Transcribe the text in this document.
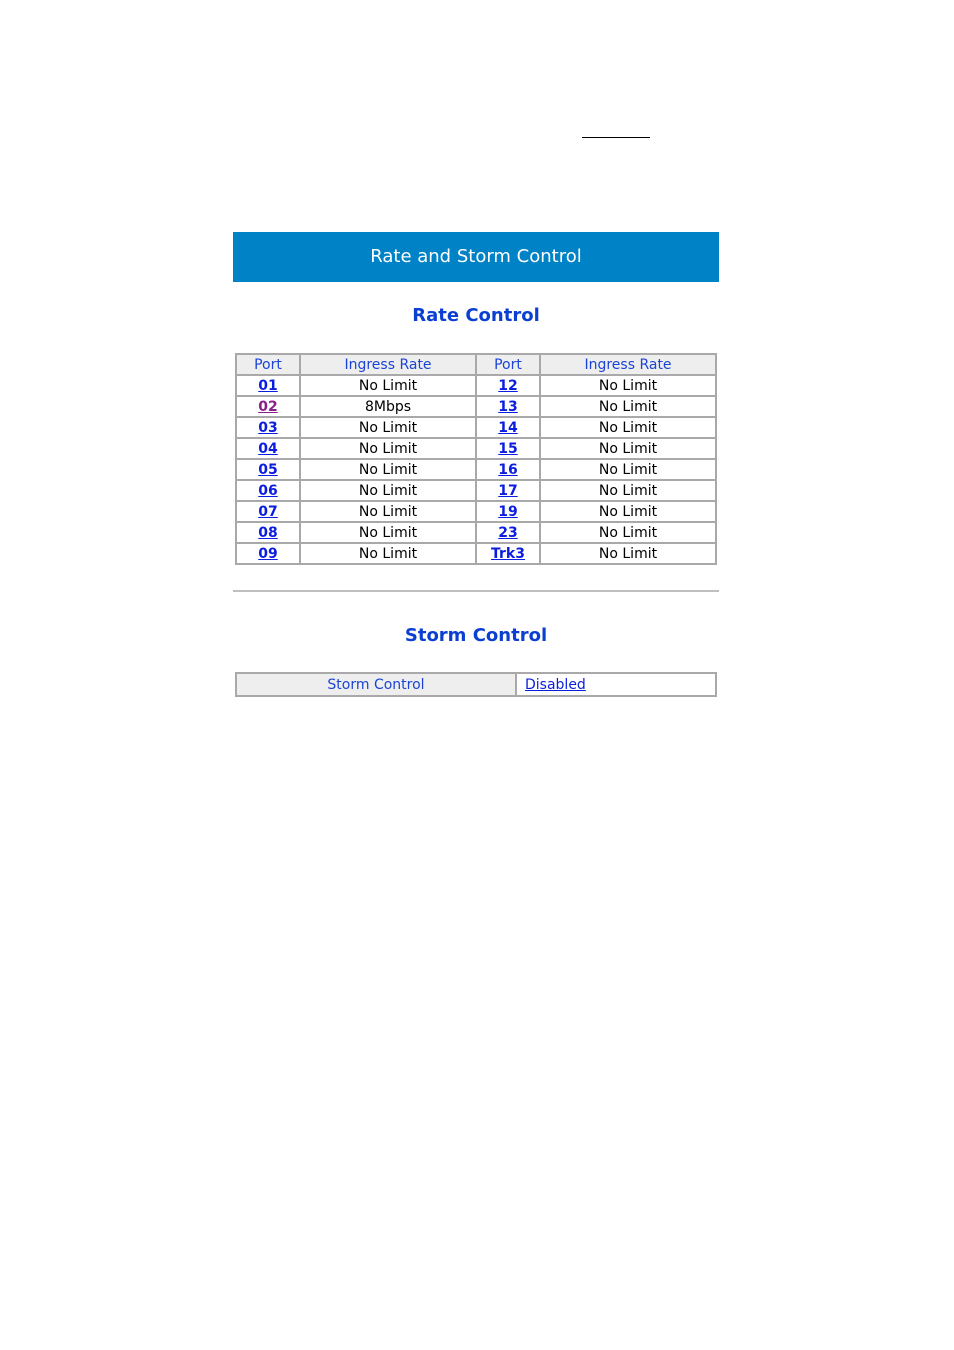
Rate and Storm Control
Rate Control
Port	Ingress Rate	Port	Ingress Rate
01	No Limit	12	No Limit
02	8Mbps	13	No Limit
03	No Limit	14	No Limit
04	No Limit	15	No Limit
05	No Limit	16	No Limit
06	No Limit	17	No Limit
07	No Limit	19	No Limit
08	No Limit	23	No Limit
09	No Limit	Trk3	No Limit
Storm Control
Storm Control	Disabled
